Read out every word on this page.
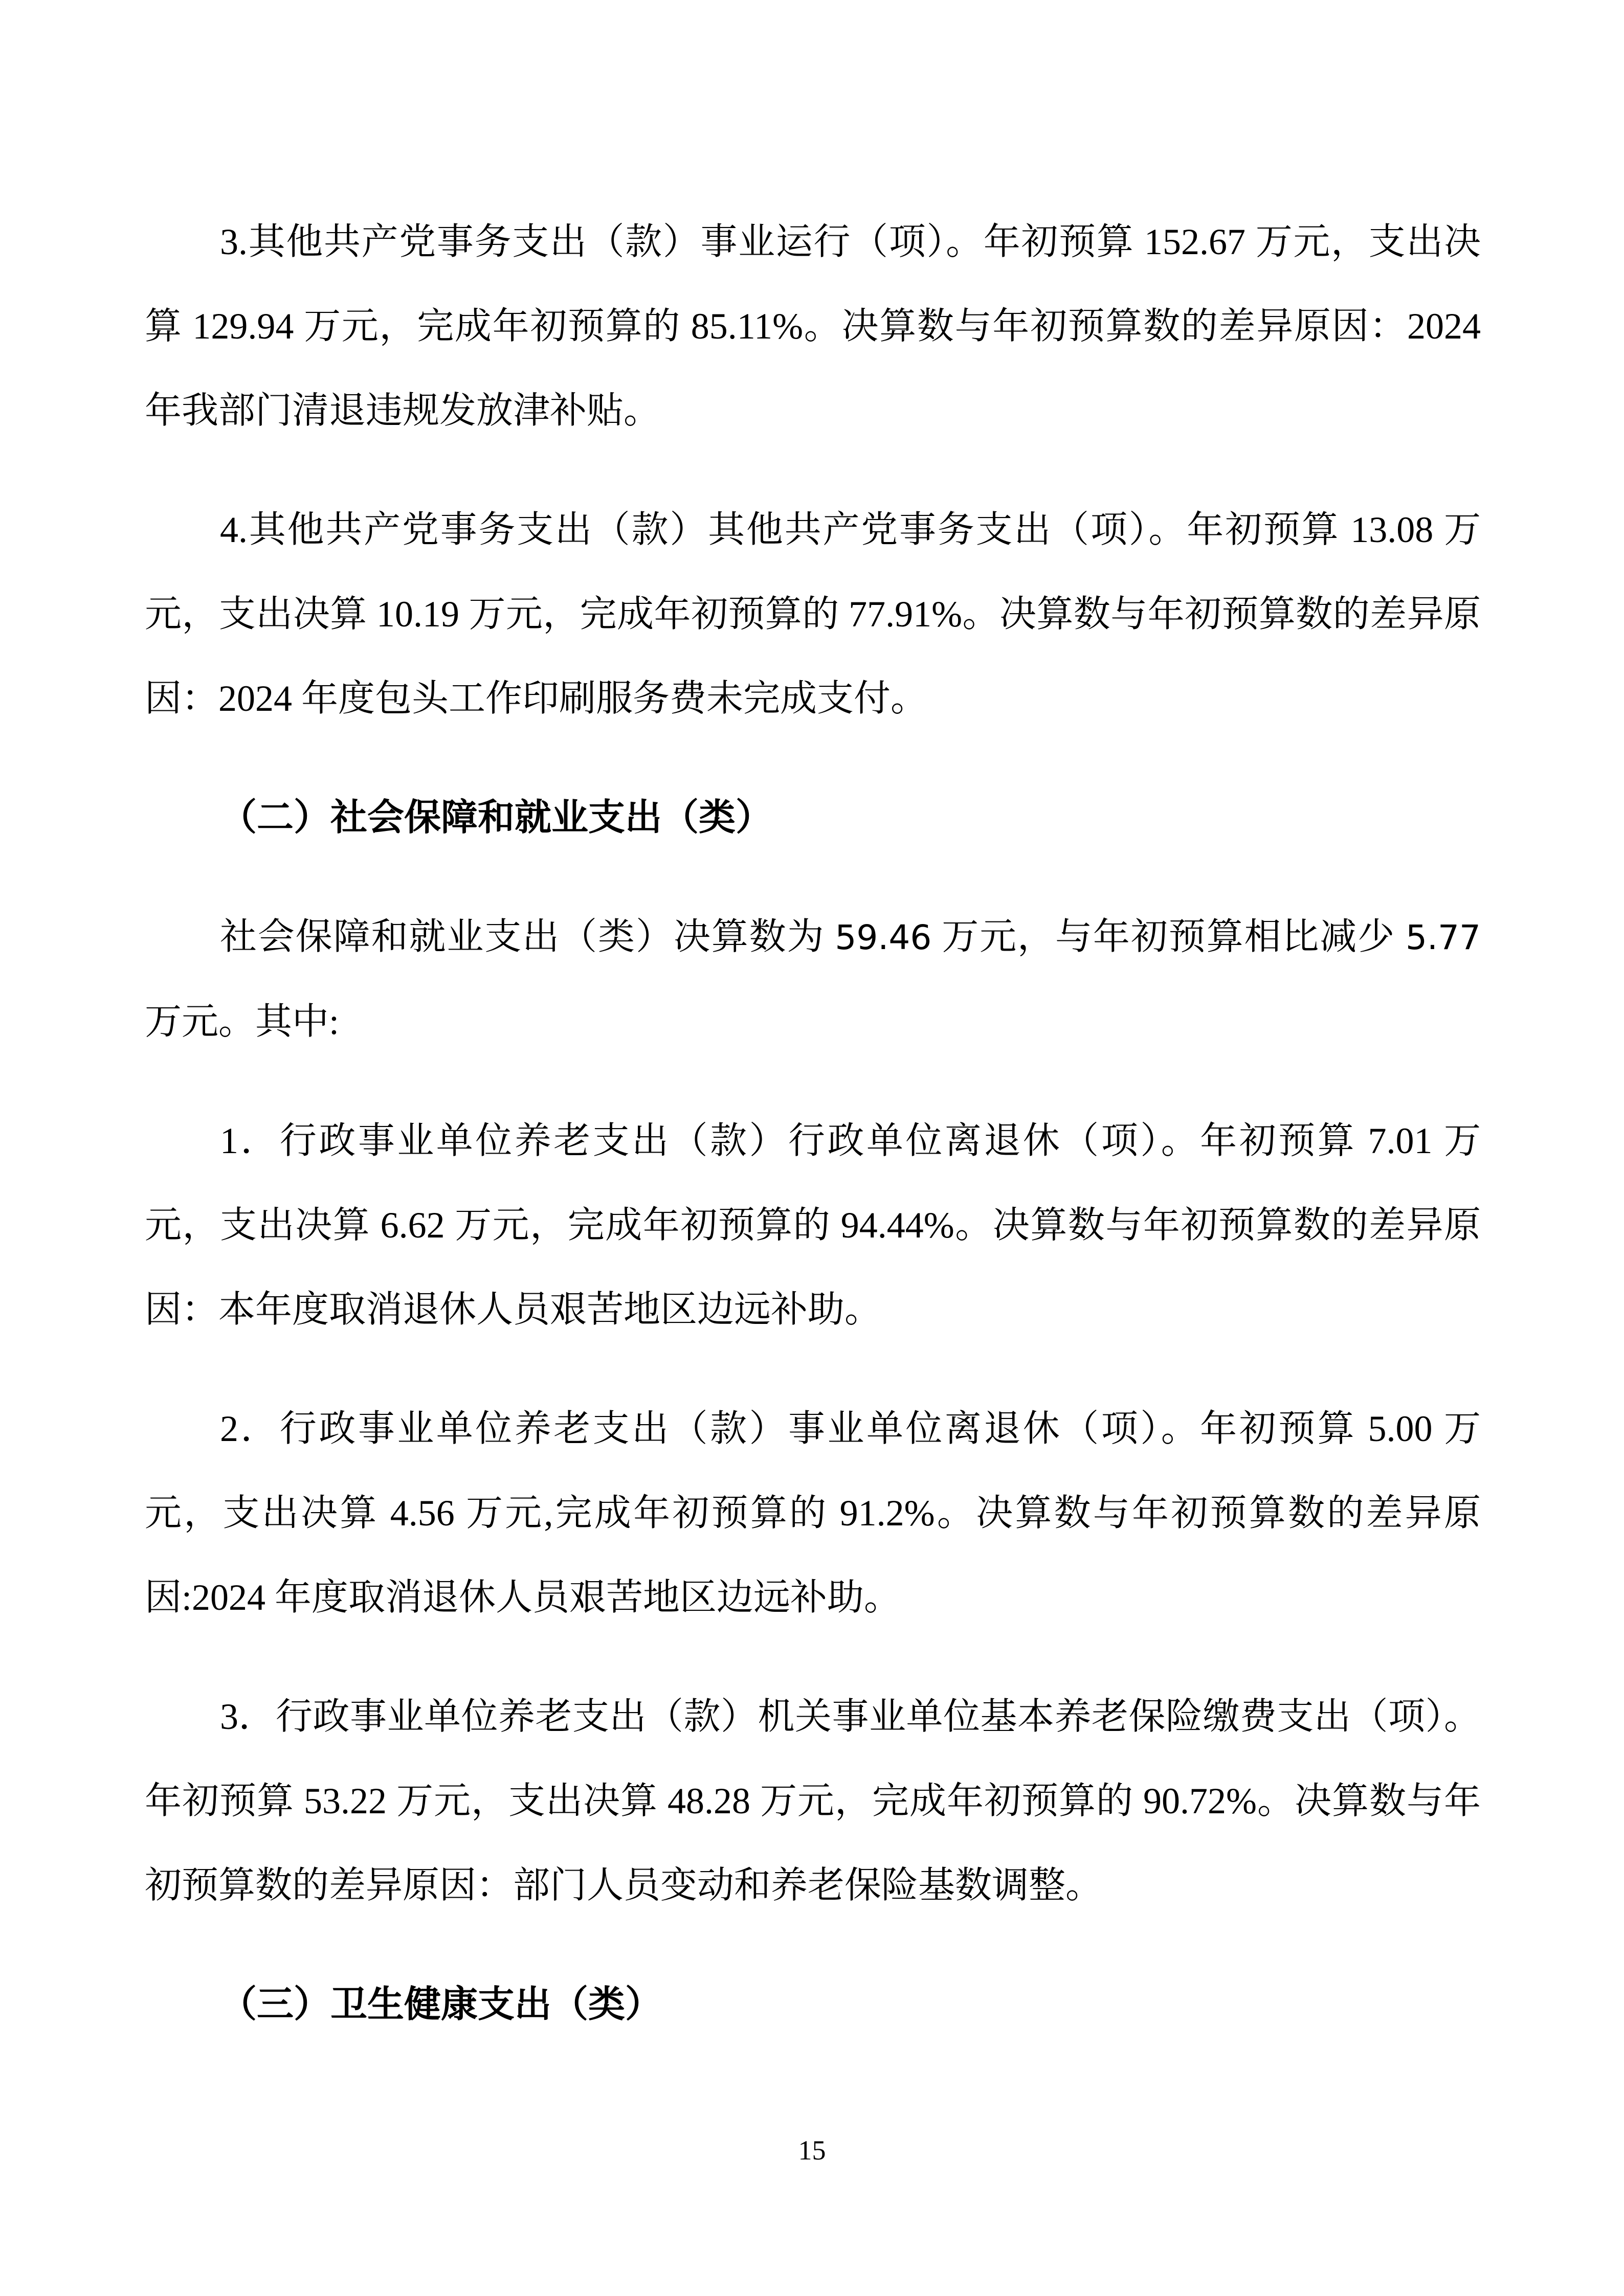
3.其他共产党事务支出（款）事业运行（项）。年初预算 152.67 万元，支出决算 129.94 万元，完成年初预算的 85.11%。决算数与年初预算数的差异原因：2024 年我部门清退违规发放津补贴。

4.其他共产党事务支出（款）其他共产党事务支出（项）。年初预算 13.08 万元，支出决算 10.19 万元，完成年初预算的 77.91%。决算数与年初预算数的差异原因：2024 年度包头工作印刷服务费未完成支付。

（二）社会保障和就业支出（类）

社会保障和就业支出（类）决算数为 59.46 万元，与年初预算相比减少 5.77 万元。其中:

1．行政事业单位养老支出（款）行政单位离退休（项）。年初预算 7.01 万元，支出决算 6.62 万元，完成年初预算的 94.44%。决算数与年初预算数的差异原因：本年度取消退休人员艰苦地区边远补助。

2．行政事业单位养老支出（款）事业单位离退休（项）。年初预算 5.00 万元，支出决算 4.56 万元,完成年初预算的 91.2%。决算数与年初预算数的差异原因:2024 年度取消退休人员艰苦地区边远补助。

3．行政事业单位养老支出（款）机关事业单位基本养老保险缴费支出（项）。年初预算 53.22 万元，支出决算 48.28 万元，完成年初预算的 90.72%。决算数与年初预算数的差异原因：部门人员变动和养老保险基数调整。

（三）卫生健康支出（类）

15
